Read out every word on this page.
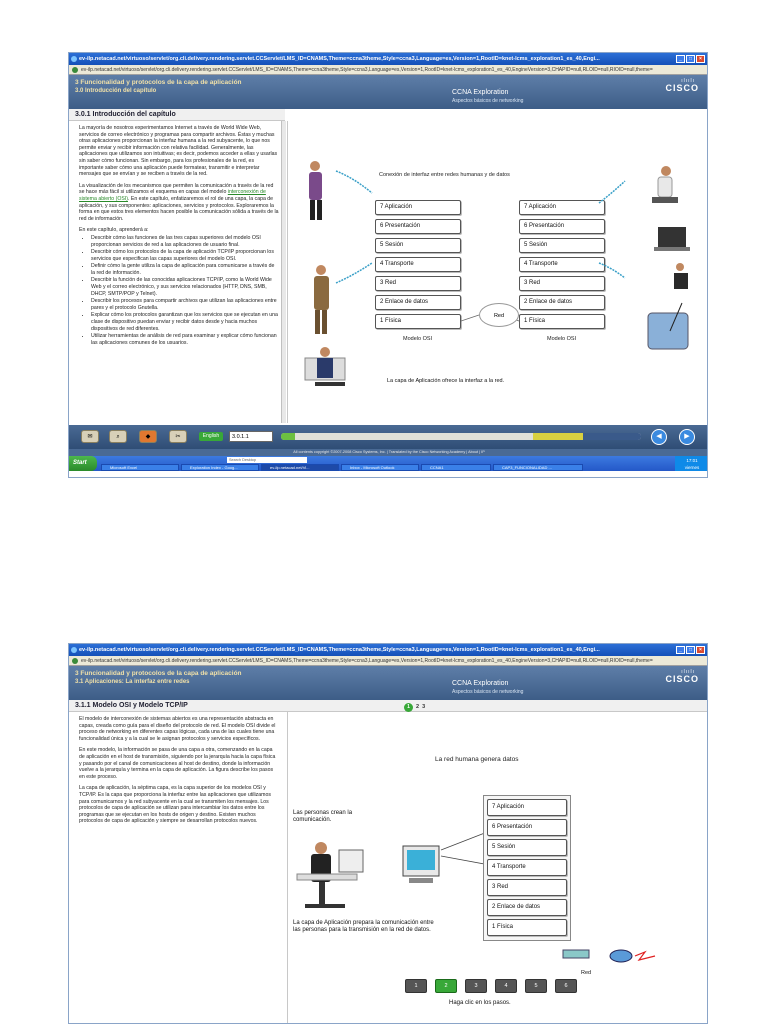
ev-ilp.netacad.net/virtuoso/servlet/org.cli.delivery.rendering.servlet.CCServlet/LMS_ID=CNAMS,Theme=ccna3theme,Style=ccna3,Language=es,Version=1,RootID=knet-lcms_exploration1_es_40,Engi...	_	□	×
ev-ilp.netacad.net/virtuoso/servlet/org.cli.delivery.rendering.servlet.CCServlet/LMS_ID=CNAMS,Theme=ccna3theme,Style=ccna3,Language=es,Version=1,RootID=knet-lcms_exploration1_es_40,EngineVersion=3,CHAPID=null,RLOID=null,RIOID=null,theme=
3 Funcionalidad y protocolos de la capa de aplicación
3.0 Introducción del capítulo	CCNA Exploration
Aspectos básicos de networking
ılıılı
CISCO
3.0.1 Introducción del capítulo

La mayoría de nosotros experimentamos Internet a través de World Wide Web, servicios de correo electrónico y programas para compartir archivos. Éstas y muchas otras aplicaciones proporcionan la interfaz humana a la red subyacente, lo que nos permite enviar y recibir información con relativa facilidad. Generalmente, las aplicaciones que utilizamos son intuitivas; es decir, podemos acceder a ellas y usarlas sin saber cómo funcionan. Sin embargo, para los profesionales de la red, es importante saber cómo una aplicación puede formatear, transmitir e interpretar mensajes que se envían y se reciben a través de la red.

La visualización de los mecanismos que permiten la comunicación a través de la red se hace más fácil si utilizamos el esquema en capas del modelo interconexión de sistema abierto (OSI). En este capítulo, enfatizaremos el rol de una capa, la capa de aplicación, y sus componentes: aplicaciones, servicios y protocolos. Exploraremos la forma en que estos tres elementos hacen posible la comunicación sólida a través de la red de información.

En este capítulo, aprenderá a:

• Describir cómo las funciones de las tres capas superiores del modelo OSI proporcionan servicios de red a las aplicaciones de usuario final.
• Describir cómo los protocolos de la capa de aplicación TCP/IP proporcionan los servicios que especifican las capas superiores del modelo OSI.
• Definir cómo la gente utiliza la capa de aplicación para comunicarse a través de la red de información.
• Describir la función de las conocidas aplicaciones TCP/IP, como la World Wide Web y el correo electrónico, y sus servicios relacionados (HTTP, DNS, SMB, DHCP, SMTP/POP y Telnet).
• Describir los procesos para compartir archivos que utilizan las aplicaciones entre pares y el protocolo Gnutella.
• Explicar cómo los protocolos garantizan que los servicios que se ejecutan en una clase de dispositivo puedan enviar y recibir datos desde y hacia muchos dispositivos de red diferentes.
• Utilizar herramientas de análisis de red para examinar y explicar cómo funcionan las aplicaciones comunes de los usuarios.
Conexión de interfaz entre redes humanas y de datos
7 Aplicación
6 Presentación
5 Sesión
4 Transporte
3 Red
2 Enlace de datos
1 Física
7 Aplicación
6 Presentación
5 Sesión
4 Transporte
3 Red
2 Enlace de datos
1 Física
Red
Modelo OSI	Modelo OSI
La capa de Aplicación ofrece la interfaz a la red.
✉	⌕	◆	✂	English	3.0.1.1	◀	▶
All contents copyright ©2007-2008 Cisco Systems, Inc. | Translated by the Cisco Networking Academy | About | IP
Start	Search Desktop
Microsoft Excel	Exploration Index - Goog...	ev-ilp.netacad.net/Vi...	Inbox - Microsoft Outlook	CCNA1	CAP3_FUNCIONALIDAD ...
17:01
viernes
ev-ilp.netacad.net/virtuoso/servlet/org.cli.delivery.rendering.servlet.CCServlet/LMS_ID=CNAMS,Theme=ccna3theme,Style=ccna3,Language=es,Version=1,RootID=knet-lcms_exploration1_es_40,Engi...	_	□	×
ev-ilp.netacad.net/virtuoso/servlet/org.cli.delivery.rendering.servlet.CCServlet/LMS_ID=CNAMS,Theme=ccna3theme,Style=ccna3,Language=es,Version=1,RootID=knet-lcms_exploration1_es_40,EngineVersion=3,CHAPID=null,RLOID=null,RIOID=null,theme=
3 Funcionalidad y protocolos de la capa de aplicación
3.1 Aplicaciones: La interfaz entre redes	CCNA Exploration
Aspectos básicos de networking
ılıılı
CISCO
3.1.1 Modelo OSI y Modelo TCP/IP	1	2 3

El modelo de interconexión de sistemas abiertos es una representación abstracta en capas, creada como guía para el diseño del protocolo de red. El modelo OSI divide el proceso de networking en diferentes capas lógicas, cada una de las cuales tiene una funcionalidad única y a la cual se le asignan protocolos y servicios específicos.

En este modelo, la información se pasa de una capa a otra, comenzando en la capa de aplicación en el host de transmisión, siguiendo por la jerarquía hacia la capa física y pasando por el canal de comunicaciones al host de destino, donde la información vuelve a la jerarquía y termina en la capa de aplicación. La figura describe los pasos en este proceso.

La capa de aplicación, la séptima capa, es la capa superior de los modelos OSI y TCP/IP. Es la capa que proporciona la interfaz entre las aplicaciones que utilizamos para comunicarnos y la red subyacente en la cual se transmiten los mensajes. Los protocolos de capa de aplicación se utilizan para intercambiar los datos entre los programas que se ejecutan en los hosts de origen y destino. Existen muchos protocolos de capa de aplicación y siempre se desarrollan protocolos nuevos.

La red humana genera datos
Las personas crean la comunicación.
La capa de Aplicación prepara la comunicación entre las personas para la transmisión en la red de datos.
7 Aplicación
6 Presentación
5 Sesión
4 Transporte
3 Red
2 Enlace de datos
1 Física
Red
1	2	3	4	5	6
Haga clic en los pasos.
